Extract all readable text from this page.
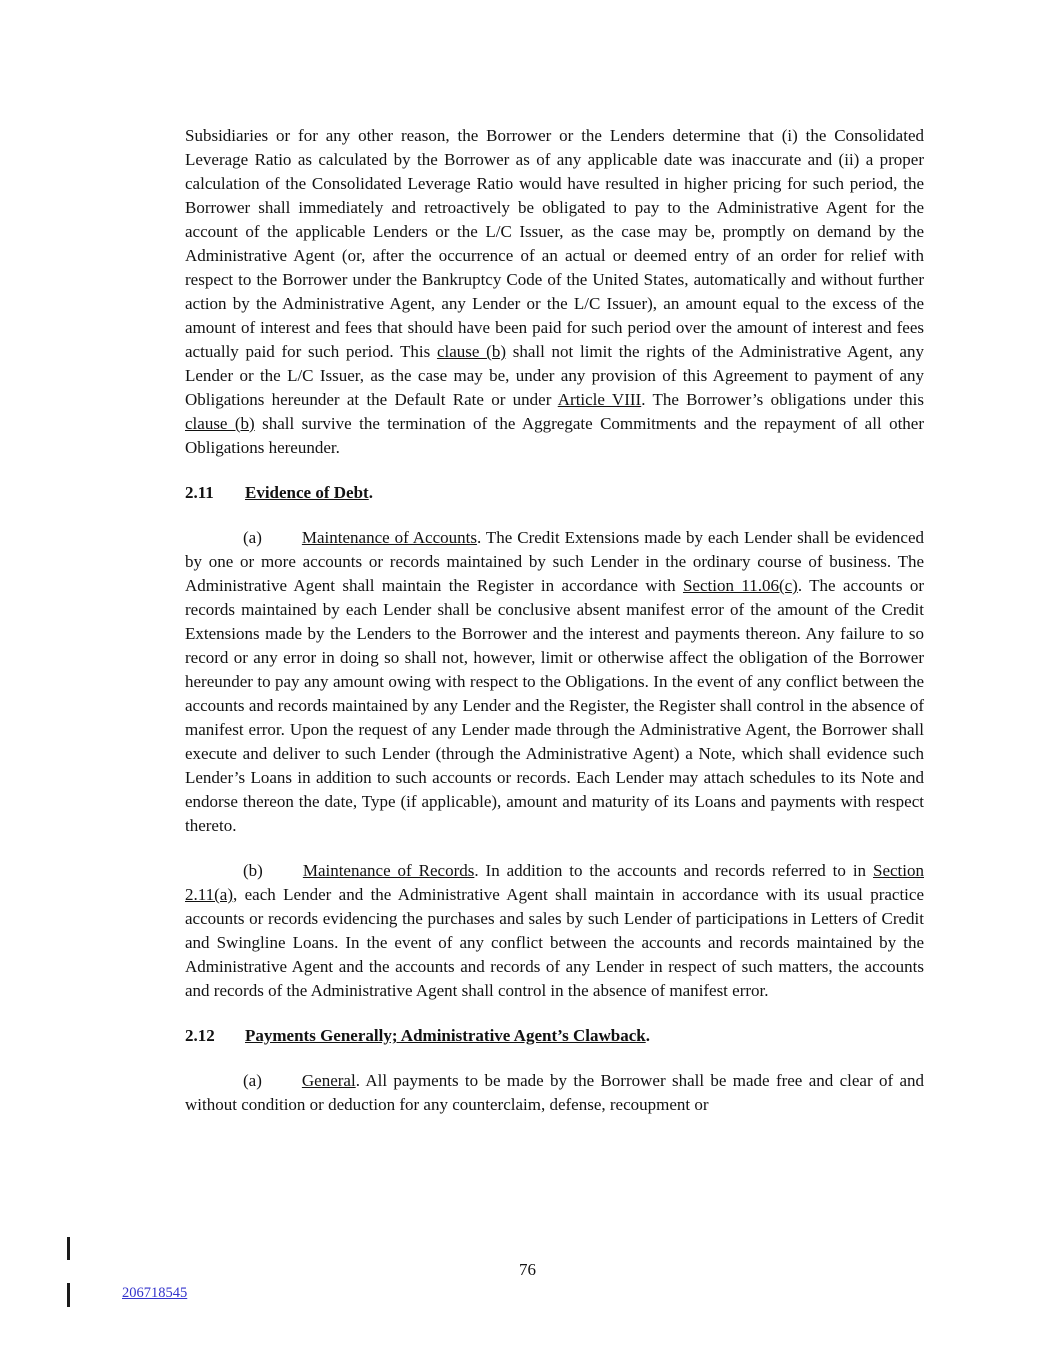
Subsidiaries or for any other reason, the Borrower or the Lenders determine that (i) the Consolidated Leverage Ratio as calculated by the Borrower as of any applicable date was inaccurate and (ii) a proper calculation of the Consolidated Leverage Ratio would have resulted in higher pricing for such period, the Borrower shall immediately and retroactively be obligated to pay to the Administrative Agent for the account of the applicable Lenders or the L/C Issuer, as the case may be, promptly on demand by the Administrative Agent (or, after the occurrence of an actual or deemed entry of an order for relief with respect to the Borrower under the Bankruptcy Code of the United States, automatically and without further action by the Administrative Agent, any Lender or the L/C Issuer), an amount equal to the excess of the amount of interest and fees that should have been paid for such period over the amount of interest and fees actually paid for such period. This clause (b) shall not limit the rights of the Administrative Agent, any Lender or the L/C Issuer, as the case may be, under any provision of this Agreement to payment of any Obligations hereunder at the Default Rate or under Article VIII. The Borrower’s obligations under this clause (b) shall survive the termination of the Aggregate Commitments and the repayment of all other Obligations hereunder.

2.11 Evidence of Debt.

(a) Maintenance of Accounts. The Credit Extensions made by each Lender shall be evidenced by one or more accounts or records maintained by such Lender in the ordinary course of business. The Administrative Agent shall maintain the Register in accordance with Section 11.06(c). The accounts or records maintained by each Lender shall be conclusive absent manifest error of the amount of the Credit Extensions made by the Lenders to the Borrower and the interest and payments thereon. Any failure to so record or any error in doing so shall not, however, limit or otherwise affect the obligation of the Borrower hereunder to pay any amount owing with respect to the Obligations. In the event of any conflict between the accounts and records maintained by any Lender and the Register, the Register shall control in the absence of manifest error. Upon the request of any Lender made through the Administrative Agent, the Borrower shall execute and deliver to such Lender (through the Administrative Agent) a Note, which shall evidence such Lender’s Loans in addition to such accounts or records. Each Lender may attach schedules to its Note and endorse thereon the date, Type (if applicable), amount and maturity of its Loans and payments with respect thereto.

(b) Maintenance of Records. In addition to the accounts and records referred to in Section 2.11(a), each Lender and the Administrative Agent shall maintain in accordance with its usual practice accounts or records evidencing the purchases and sales by such Lender of participations in Letters of Credit and Swingline Loans. In the event of any conflict between the accounts and records maintained by the Administrative Agent and the accounts and records of any Lender in respect of such matters, the accounts and records of the Administrative Agent shall control in the absence of manifest error.

2.12 Payments Generally; Administrative Agent’s Clawback.

(a) General. All payments to be made by the Borrower shall be made free and clear of and without condition or deduction for any counterclaim, defense, recoupment or

76
206718545
